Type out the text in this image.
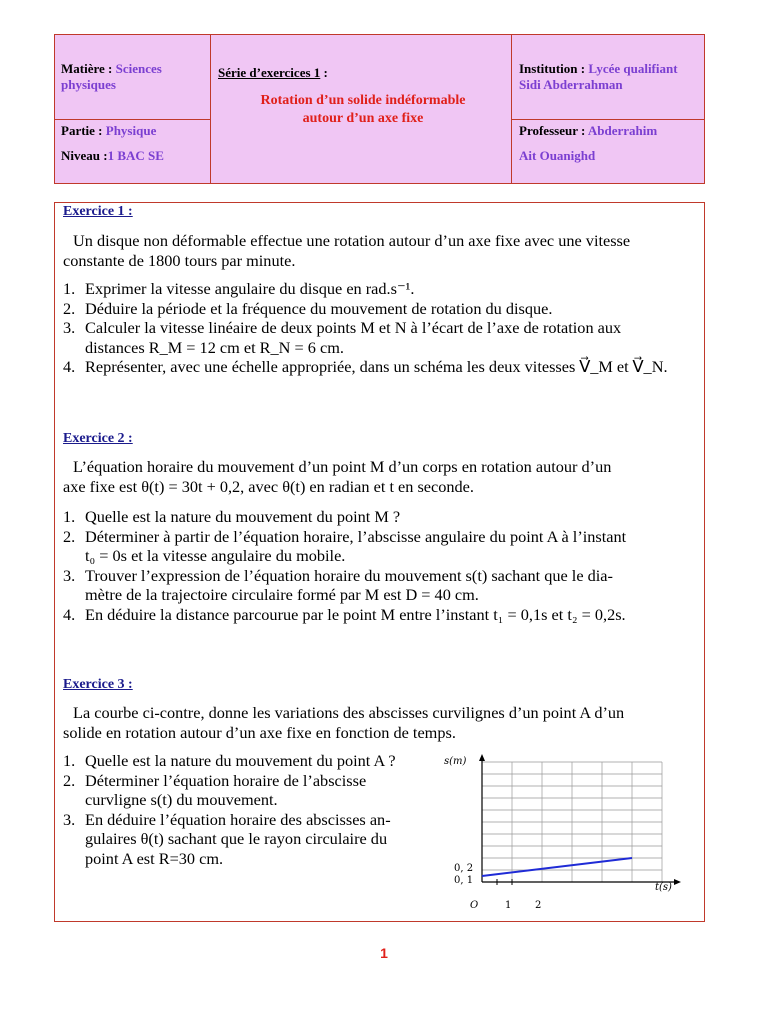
Matière : Sciences physiques
Partie : Physique
Niveau :1 BAC SE
Série d’exercices 1 :
Rotation d’un solide indéformable
autour d’un axe fixe
Institution : Lycée qualifiant
Sidi Abderrahman
Professeur : Abderrahim
Ait Ouanighd
Exercice 1 :
Un disque non déformable effectue une rotation autour d’un axe fixe avec une vitesse
constante de 1800 tours par minute.
1. Exprimer la vitesse angulaire du disque en rad.s⁻¹.
2. Déduire la période et la fréquence du mouvement de rotation du disque.
3. Calculer la vitesse linéaire de deux points M et N à l’écart de l’axe de rotation aux
distances R_M = 12 cm et R_N = 6 cm.
4. Représenter, avec une échelle appropriée, dans un schéma les deux vitesses V⃗_M et V⃗_N.
Exercice 2 :
L’équation horaire du mouvement d’un point M d’un corps en rotation autour d’un
axe fixe est θ(t) = 30t + 0,2, avec θ(t) en radian et t en seconde.
1. Quelle est la nature du mouvement du point M ?
2. Déterminer à partir de l’équation horaire, l’abscisse angulaire du point A à l’instant
t₀ = 0s et la vitesse angulaire du mobile.
3. Trouver l’expression de l’équation horaire du mouvement s(t) sachant que le dia-
mètre de la trajectoire circulaire formé par M est D = 40 cm.
4. En déduire la distance parcourue par le point M entre l’instant t₁ = 0,1s et t₂ = 0,2s.
Exercice 3 :
La courbe ci-contre, donne les variations des abscisses curvilignes d’un point A d’un
solide en rotation autour d’un axe fixe en fonction de temps.
1. Quelle est la nature du mouvement du point A ?
2. Déterminer l’équation horaire de l’abscisse
curvligne s(t) du mouvement.
3. En déduire l’équation horaire des abscisses an-
gulaires θ(t) sachant que le rayon circulaire du
point A est R=30 cm.
s(m)
t(s)
O
0, 2
0, 1
1 2
1
